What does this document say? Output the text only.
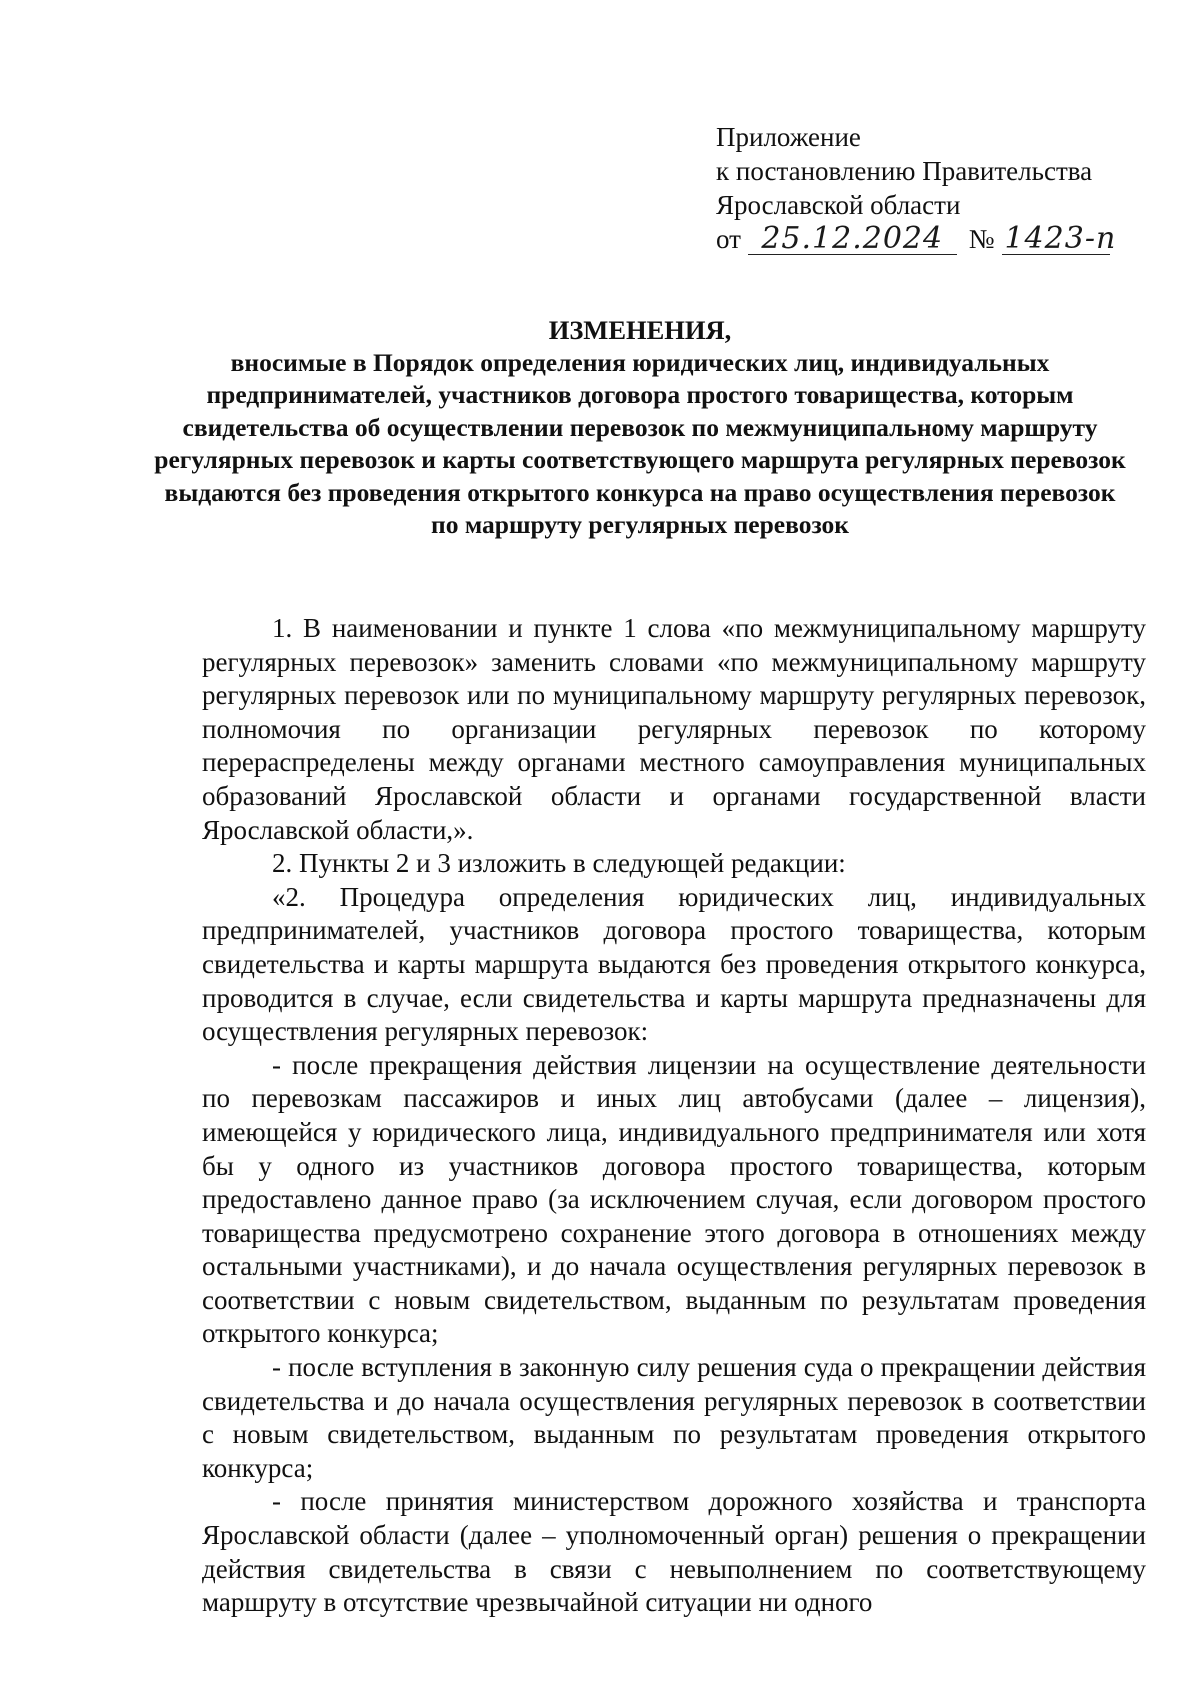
Приложение
к постановлению Правительства
Ярославской области
от 25.12.2024 № 1423-п
ИЗМЕНЕНИЯ,
вносимые в Порядок определения юридических лиц, индивидуальных предпринимателей, участников договора простого товарищества, которым свидетельства об осуществлении перевозок по межмуниципальному маршруту регулярных перевозок и карты соответствующего маршрута регулярных перевозок выдаются без проведения открытого конкурса на право осуществления перевозок по маршруту регулярных перевозок

1. В наименовании и пункте 1 слова «по межмуниципальному маршруту регулярных перевозок» заменить словами «по межмуниципальному маршруту регулярных перевозок или по муниципальному маршруту регулярных перевозок, полномочия по организации регулярных перевозок по которому перераспределены между органами местного самоуправления муниципальных образований Ярославской области и органами государственной власти Ярославской области,».

2. Пункты 2 и 3 изложить в следующей редакции:

«2. Процедура определения юридических лиц, индивидуальных предпринимателей, участников договора простого товарищества, которым свидетельства и карты маршрута выдаются без проведения открытого конкурса, проводится в случае, если свидетельства и карты маршрута предназначены для осуществления регулярных перевозок:

- после прекращения действия лицензии на осуществление деятельности по перевозкам пассажиров и иных лиц автобусами (далее – лицензия), имеющейся у юридического лица, индивидуального предпринимателя или хотя бы у одного из участников договора простого товарищества, которым предоставлено данное право (за исключением случая, если договором простого товарищества предусмотрено сохранение этого договора в отношениях между остальными участниками), и до начала осуществления регулярных перевозок в соответствии с новым свидетельством, выданным по результатам проведения открытого конкурса;

- после вступления в законную силу решения суда о прекращении действия свидетельства и до начала осуществления регулярных перевозок в соответствии с новым свидетельством, выданным по результатам проведения открытого конкурса;

- после принятия министерством дорожного хозяйства и транспорта Ярославской области (далее – уполномоченный орган) решения о прекращении действия свидетельства в связи с невыполнением по соответствующему маршруту в отсутствие чрезвычайной ситуации ни одного
